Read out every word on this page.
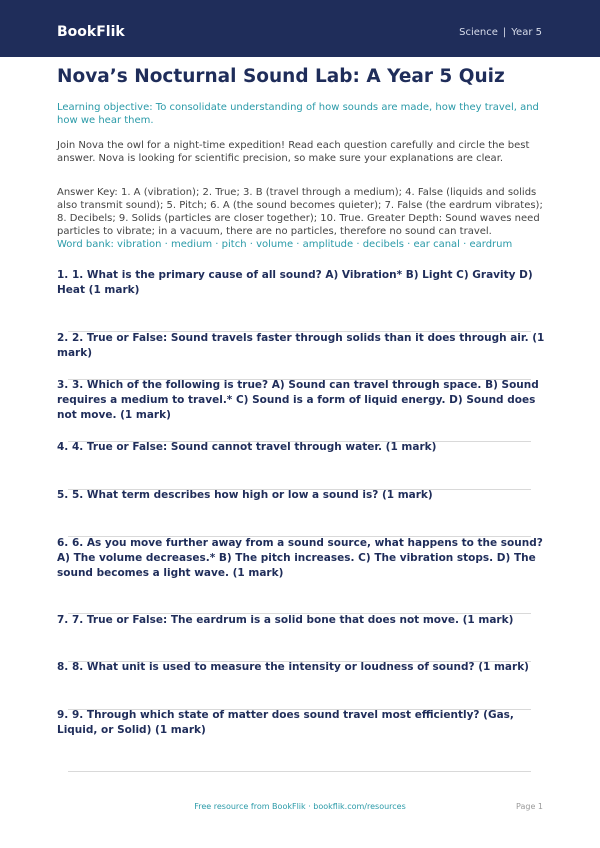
BookFlik	Science | Year 5
Nova’s Nocturnal Sound Lab: A Year 5 Quiz

Learning objective: To consolidate understanding of how sounds are made, how they travel, and how we hear them.

Join Nova the owl for a night-time expedition! Read each question carefully and circle the best answer. Nova is looking for scientific precision, so make sure your explanations are clear.

Answer Key: 1. A (vibration); 2. True; 3. B (travel through a medium); 4. False (liquids and solids also transmit sound); 5. Pitch; 6. A (the sound becomes quieter); 7. False (the eardrum vibrates); 8. Decibels; 9. Solids (particles are closer together); 10. True. Greater Depth: Sound waves need particles to vibrate; in a vacuum, there are no particles, therefore no sound can travel.

Word bank: vibration · medium · pitch · volume · amplitude · decibels · ear canal · eardrum

1. 1. What is the primary cause of all sound? A) Vibration* B) Light C) Gravity D) Heat (1 mark)

2. 2. True or False: Sound travels faster through solids than it does through air. (1 mark)

3. 3. Which of the following is true? A) Sound can travel through space. B) Sound requires a medium to travel.* C) Sound is a form of liquid energy. D) Sound does not move. (1 mark)

4. 4. True or False: Sound cannot travel through water. (1 mark)

5. 5. What term describes how high or low a sound is? (1 mark)

6. 6. As you move further away from a sound source, what happens to the sound? A) The volume decreases.* B) The pitch increases. C) The vibration stops. D) The sound becomes a light wave. (1 mark)

7. 7. True or False: The eardrum is a solid bone that does not move. (1 mark)

8. 8. What unit is used to measure the intensity or loudness of sound? (1 mark)

9. 9. Through which state of matter does sound travel most efficiently? (Gas, Liquid, or Solid) (1 mark)

Free resource from BookFlik · bookflik.com/resources	Page 1
